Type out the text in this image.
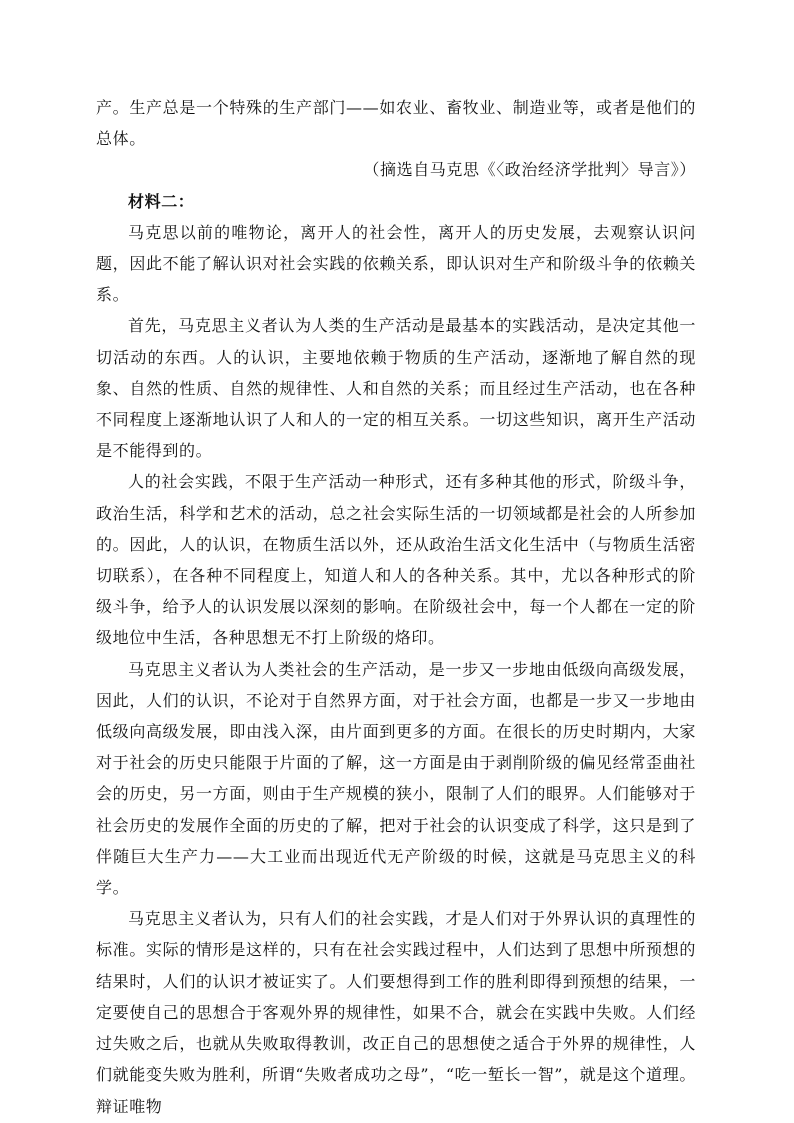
产。生产总是一个特殊的生产部门——如农业、畜牧业、制造业等，或者是他们的总体。

（摘选自马克思《〈政治经济学批判〉导言》）

材料二：

马克思以前的唯物论，离开人的社会性，离开人的历史发展，去观察认识问题，因此不能了解认识对社会实践的依赖关系，即认识对生产和阶级斗争的依赖关系。

首先，马克思主义者认为人类的生产活动是最基本的实践活动，是决定其他一切活动的东西。人的认识，主要地依赖于物质的生产活动，逐渐地了解自然的现象、自然的性质、自然的规律性、人和自然的关系；而且经过生产活动，也在各种不同程度上逐渐地认识了人和人的一定的相互关系。一切这些知识，离开生产活动是不能得到的。

人的社会实践，不限于生产活动一种形式，还有多种其他的形式，阶级斗争，政治生活，科学和艺术的活动，总之社会实际生活的一切领域都是社会的人所参加的。因此，人的认识，在物质生活以外，还从政治生活文化生活中（与物质生活密切联系），在各种不同程度上，知道人和人的各种关系。其中，尤以各种形式的阶级斗争，给予人的认识发展以深刻的影响。在阶级社会中，每一个人都在一定的阶级地位中生活，各种思想无不打上阶级的烙印。

马克思主义者认为人类社会的生产活动，是一步又一步地由低级向高级发展，因此，人们的认识，不论对于自然界方面，对于社会方面，也都是一步又一步地由低级向高级发展，即由浅入深，由片面到更多的方面。在很长的历史时期内，大家对于社会的历史只能限于片面的了解，这一方面是由于剥削阶级的偏见经常歪曲社会的历史，另一方面，则由于生产规模的狭小，限制了人们的眼界。人们能够对于社会历史的发展作全面的历史的了解，把对于社会的认识变成了科学，这只是到了伴随巨大生产力——大工业而出现近代无产阶级的时候，这就是马克思主义的科学。

马克思主义者认为，只有人们的社会实践，才是人们对于外界认识的真理性的标准。实际的情形是这样的，只有在社会实践过程中，人们达到了思想中所预想的结果时，人们的认识才被证实了。人们要想得到工作的胜利即得到预想的结果，一定要使自己的思想合于客观外界的规律性，如果不合，就会在实践中失败。人们经过失败之后，也就从失败取得教训，改正自己的思想使之适合于外界的规律性，人们就能变失败为胜利，所谓“失败者成功之母”，“吃一堑长一智”，就是这个道理。辩证唯物
